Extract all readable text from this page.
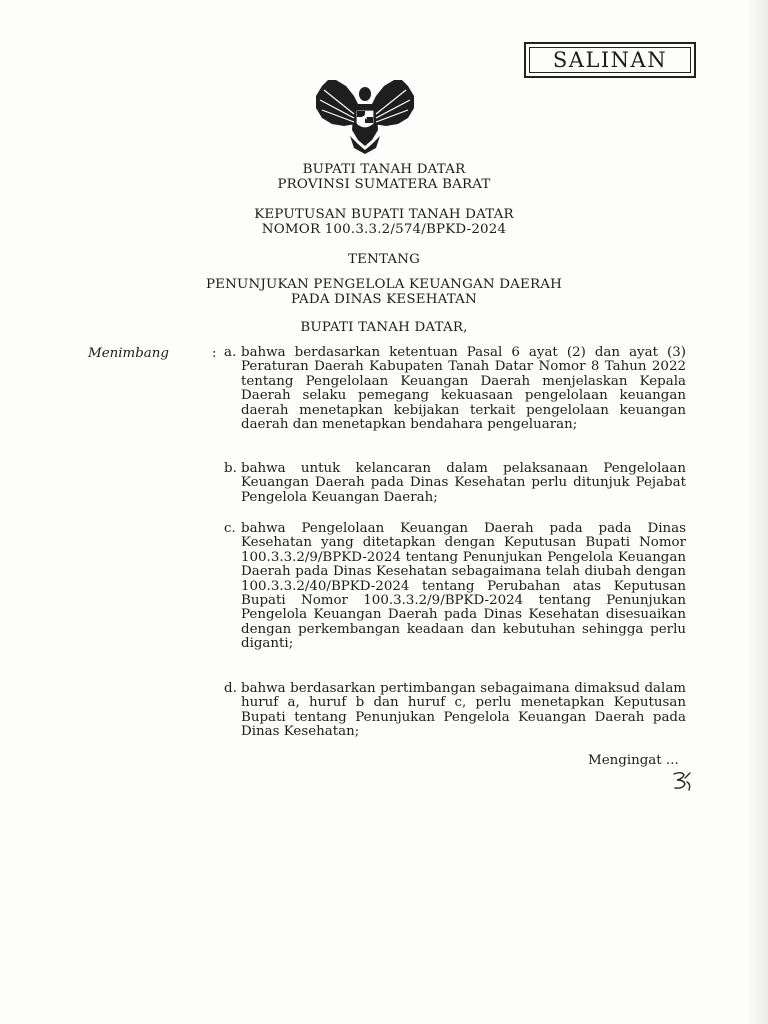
SALINAN
BUPATI TANAH DATAR
PROVINSI SUMATERA BARAT
KEPUTUSAN BUPATI TANAH DATAR
NOMOR 100.3.3.2/574/BPKD-2024
TENTANG
PENUNJUKAN PENGELOLA KEUANGAN DAERAH
PADA DINAS KESEHATAN
BUPATI TANAH DATAR,
Menimbang	: a. bahwa berdasarkan ketentuan Pasal 6 ayat (2) dan ayat (3) Peraturan Daerah Kabupaten Tanah Datar Nomor 8 Tahun 2022 tentang Pengelolaan Keuangan Daerah menjelaskan Kepala Daerah selaku pemegang kekuasaan pengelolaan keuangan daerah menetapkan kebijakan terkait pengelolaan keuangan daerah dan menetapkan bendahara pengeluaran;
b. bahwa untuk kelancaran dalam pelaksanaan Pengelolaan Keuangan Daerah pada Dinas Kesehatan perlu ditunjuk Pejabat Pengelola Keuangan Daerah;
c. bahwa Pengelolaan Keuangan Daerah pada pada Dinas Kesehatan yang ditetapkan dengan Keputusan Bupati Nomor 100.3.3.2/9/BPKD-2024 tentang Penunjukan Pengelola Keuangan Daerah pada Dinas Kesehatan sebagaimana telah diubah dengan 100.3.3.2/40/BPKD-2024 tentang Perubahan atas Keputusan Bupati Nomor 100.3.3.2/9/BPKD-2024 tentang Penunjukan Pengelola Keuangan Daerah pada Dinas Kesehatan disesuaikan dengan perkembangan keadaan dan kebutuhan sehingga perlu diganti;
d. bahwa berdasarkan pertimbangan sebagaimana dimaksud dalam huruf a, huruf b dan huruf c, perlu menetapkan Keputusan Bupati tentang Penunjukan Pengelola Keuangan Daerah pada Dinas Kesehatan;
Mengingat ...
